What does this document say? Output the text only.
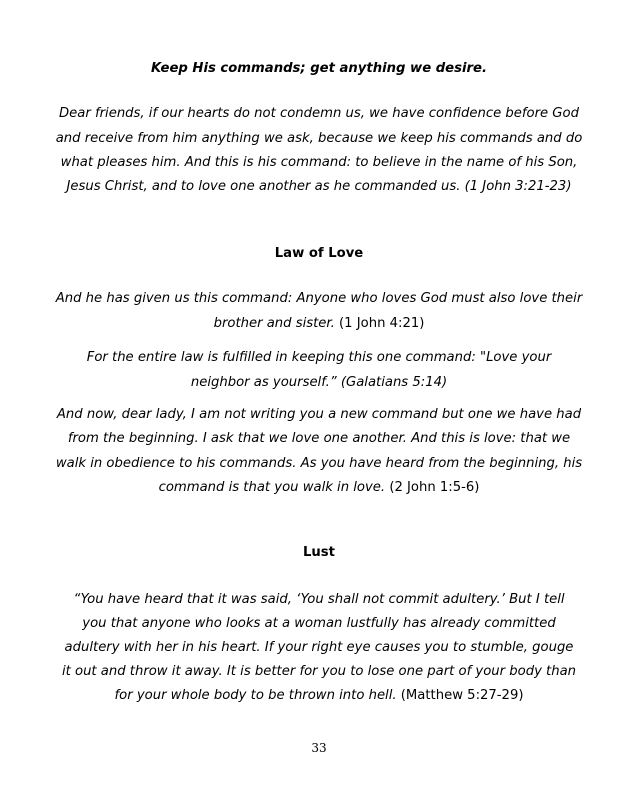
Keep His commands; get anything we desire.
Dear friends, if our hearts do not condemn us, we have confidence before God
and receive from him anything we ask, because we keep his commands and do
what pleases him. And this is his command: to believe in the name of his Son,
Jesus Christ, and to love one another as he commanded us. (1 John 3:21-23)
Law of Love
And he has given us this command: Anyone who loves God must also love their
brother and sister. (1 John 4:21)
For the entire law is fulfilled in keeping this one command: "Love your
neighbor as yourself.” (Galatians 5:14)
And now, dear lady, I am not writing you a new command but one we have had
from the beginning. I ask that we love one another. And this is love: that we
walk in obedience to his commands. As you have heard from the beginning, his
command is that you walk in love. (2 John 1:5-6)
Lust
“You have heard that it was said, ‘You shall not commit adultery.’ But I tell
you that anyone who looks at a woman lustfully has already committed
adultery with her in his heart. If your right eye causes you to stumble, gouge
it out and throw it away. It is better for you to lose one part of your body than
for your whole body to be thrown into hell. (Matthew 5:27-29)
33
